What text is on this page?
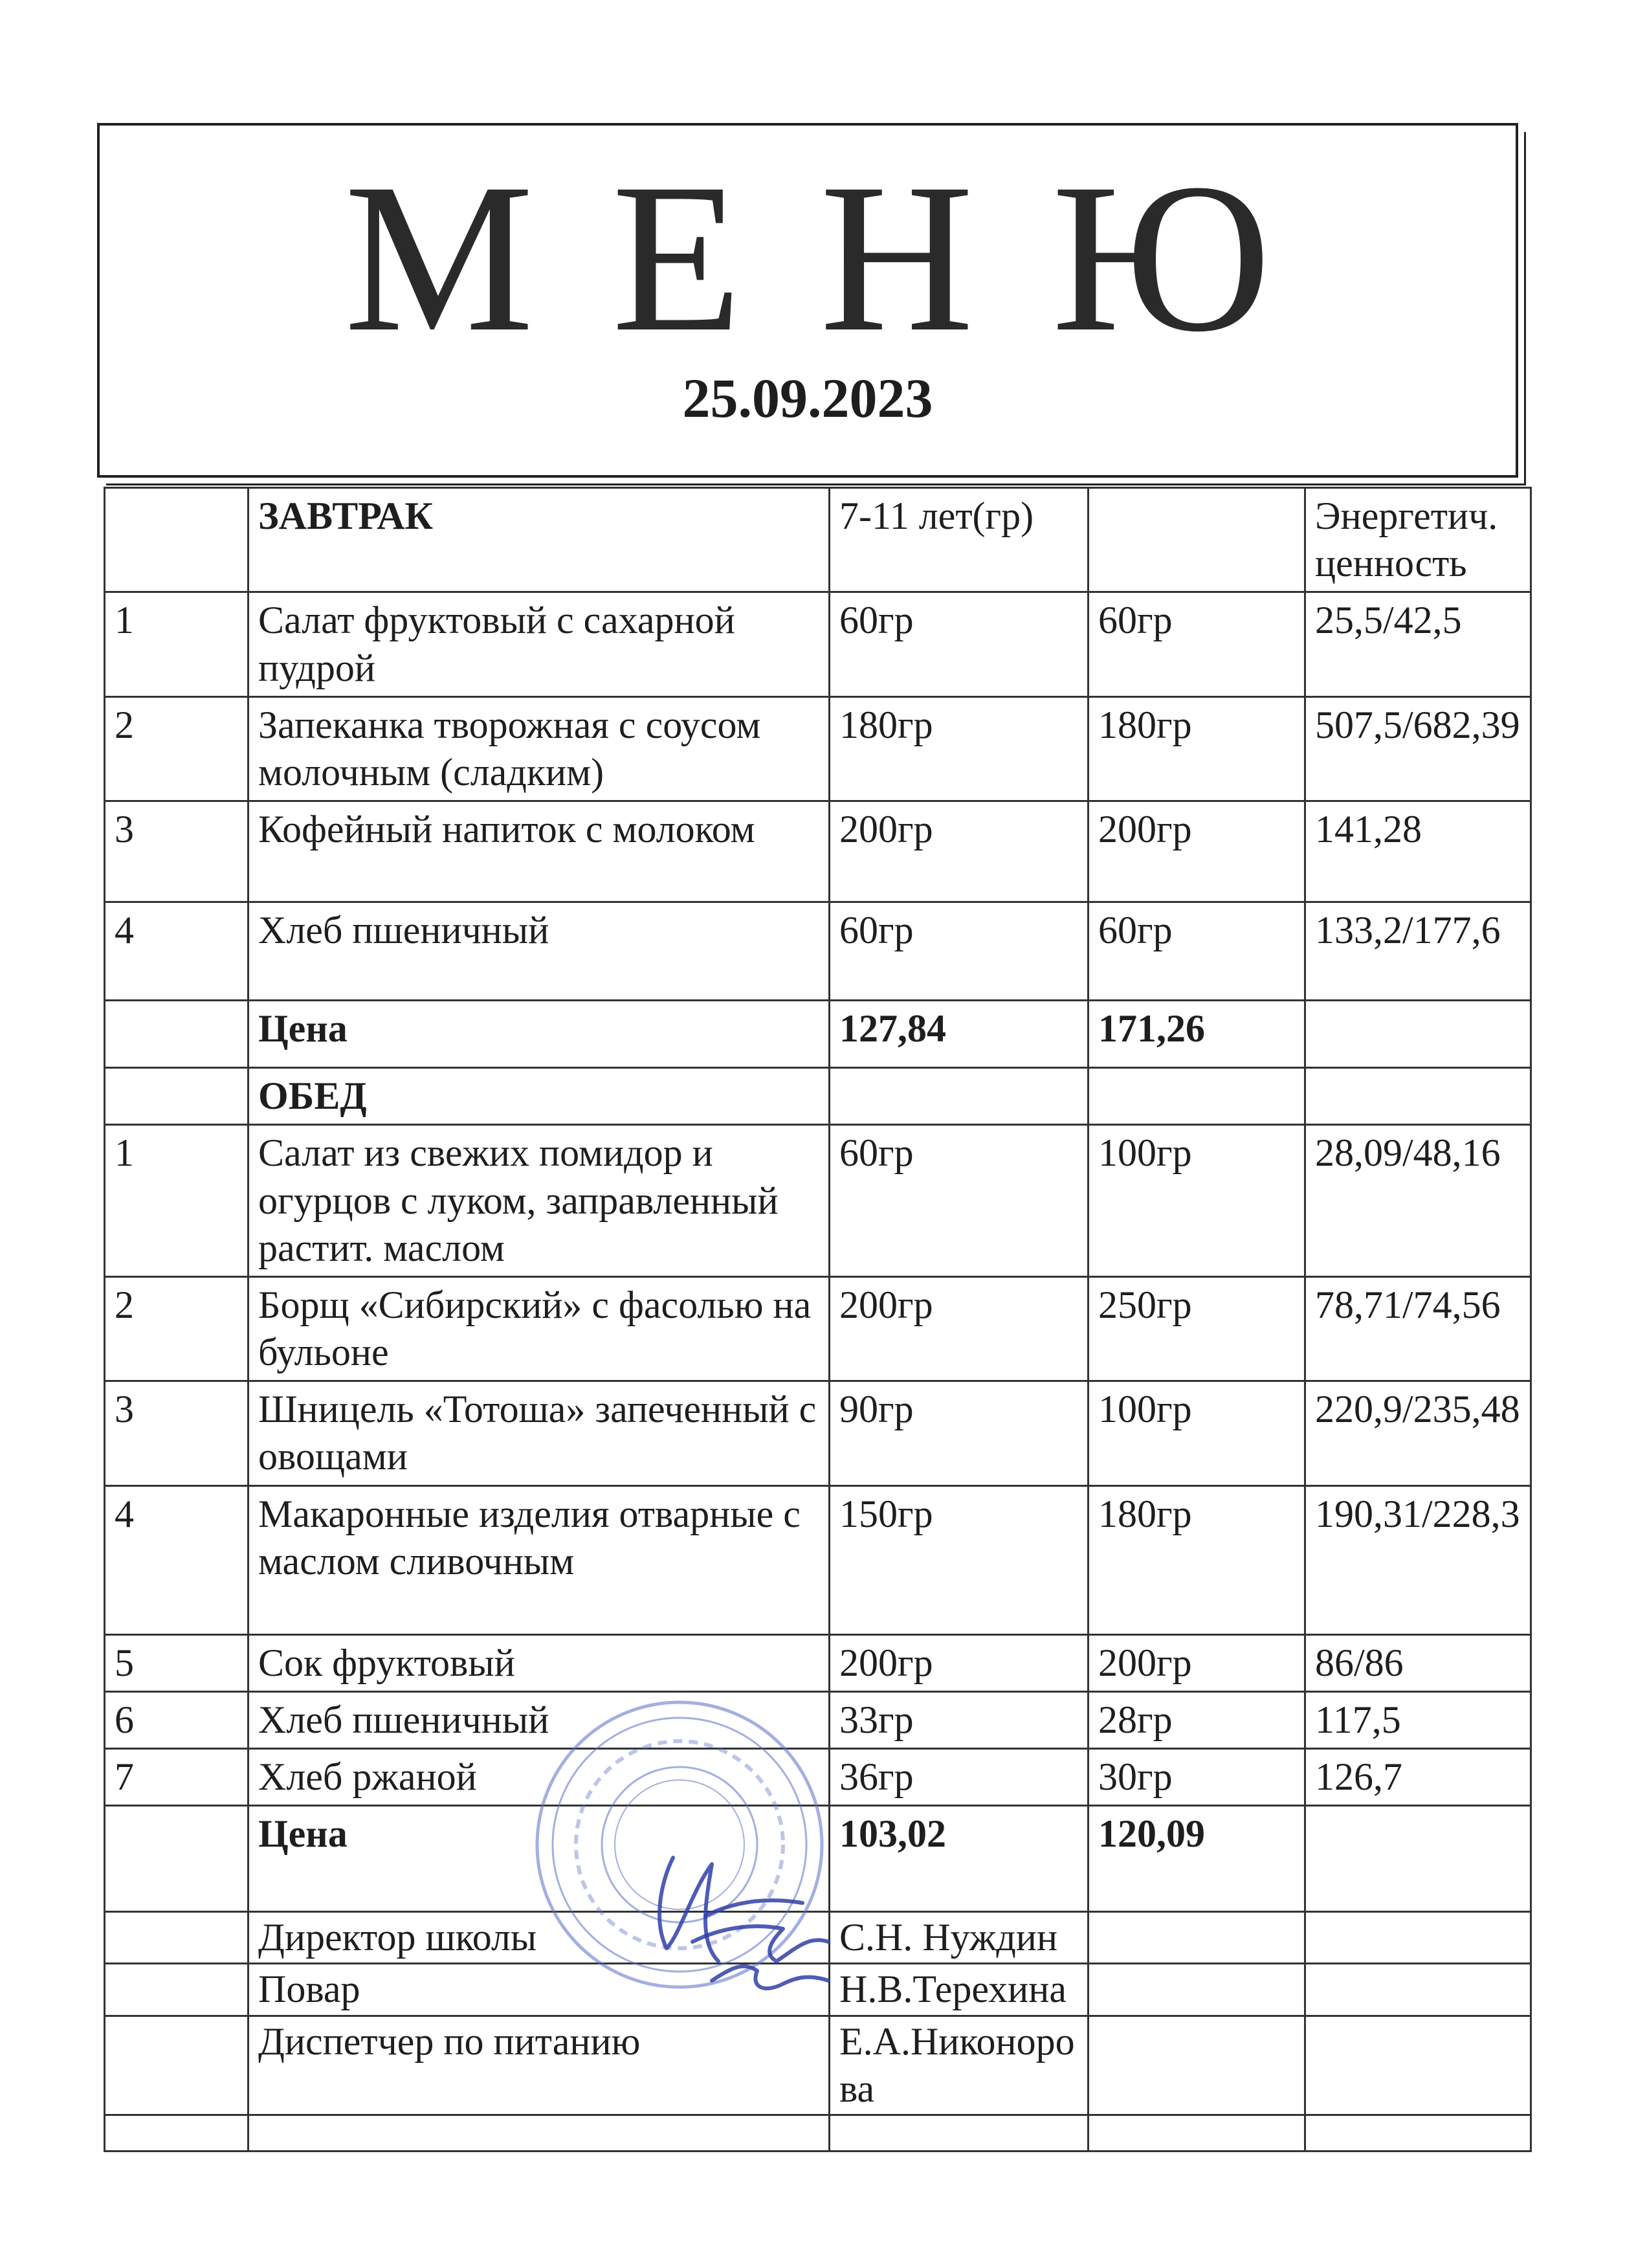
МЕНЮ
25.09.2023
	ЗАВТРАК	7-11 лет(гр)		Энергетич. ценность
1	Салат фруктовый с сахарной пудрой	60гр	60гр	25,5/42,5
2	Запеканка творожная с соусом молочным (сладким)	180гр	180гр	507,5/682,39
3	Кофейный напиток с молоком	200гр	200гр	141,28
4	Хлеб пшеничный	60гр	60гр	133,2/177,6
	Цена	127,84	171,26	
	ОБЕД			
1	Салат из свежих помидор и огурцов с луком, заправленный растит. маслом	60гр	100гр	28,09/48,16
2	Борщ «Сибирский» с фасолью на бульоне	200гр	250гр	78,71/74,56
3	Шницель «Тотоша» запеченный с овощами	90гр	100гр	220,9/235,48
4	Макаронные изделия отварные с маслом сливочным	150гр	180гр	190,31/228,3
5	Сок фруктовый	200гр	200гр	86/86
6	Хлеб пшеничный	33гр	28гр	117,5
7	Хлеб ржаной	36гр	30гр	126,7
	Цена	103,02	120,09	
	Директор школы	С.Н. Нуждин		
	Повар	Н.В.Терехина		
	Диспетчер по питанию	Е.А.Никонорова		
